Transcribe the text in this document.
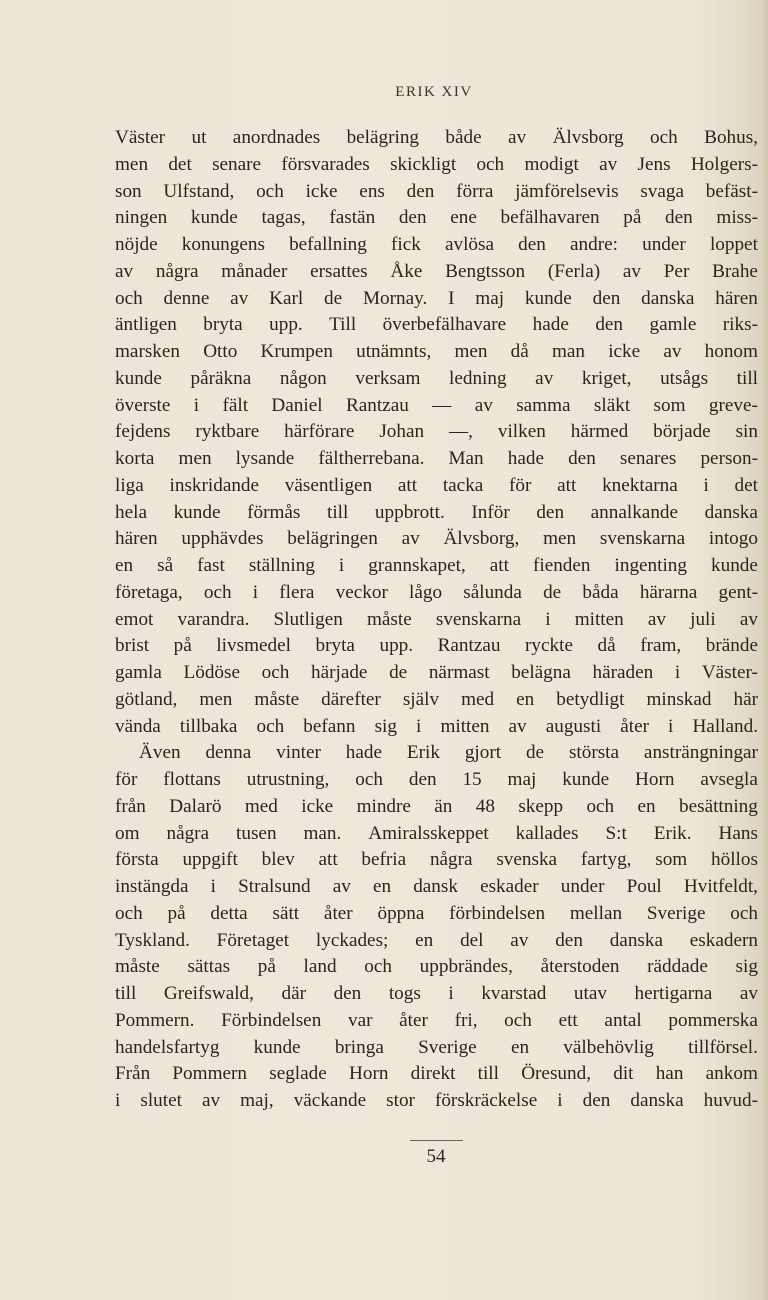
ERIK XIV
Väster ut anordnades belägring både av Älvsborg och Bohus,
men det senare försvarades skickligt och modigt av Jens Holgers-
son Ulfstand, och icke ens den förra jämförelsevis svaga befäst-
ningen kunde tagas, fastän den ene befälhavaren på den miss-
nöjde konungens befallning fick avlösa den andre: under loppet
av några månader ersattes Åke Bengtsson (Ferla) av Per Brahe
och denne av Karl de Mornay. I maj kunde den danska hären
äntligen bryta upp. Till överbefälhavare hade den gamle riks-
marsken Otto Krumpen utnämnts, men då man icke av honom
kunde påräkna någon verksam ledning av kriget, utsågs till
överste i fält Daniel Rantzau — av samma släkt som greve-
fejdens ryktbare härförare Johan —, vilken härmed började sin
korta men lysande fältherrebana. Man hade den senares person-
liga inskridande väsentligen att tacka för att knektarna i det
hela kunde förmås till uppbrott. Inför den annalkande danska
hären upphävdes belägringen av Älvsborg, men svenskarna intogo
en så fast ställning i grannskapet, att fienden ingenting kunde
företaga, och i flera veckor lågo sålunda de båda härarna gent-
emot varandra. Slutligen måste svenskarna i mitten av juli av
brist på livsmedel bryta upp. Rantzau ryckte då fram, brände
gamla Lödöse och härjade de närmast belägna häraden i Väster-
götland, men måste därefter själv med en betydligt minskad här
vända tillbaka och befann sig i mitten av augusti åter i Halland.
Även denna vinter hade Erik gjort de största ansträngningar
för flottans utrustning, och den 15 maj kunde Horn avsegla
från Dalarö med icke mindre än 48 skepp och en besättning
om några tusen man. Amiralsskeppet kallades S:t Erik. Hans
första uppgift blev att befria några svenska fartyg, som höllos
instängda i Stralsund av en dansk eskader under Poul Hvitfeldt,
och på detta sätt åter öppna förbindelsen mellan Sverige och
Tyskland. Företaget lyckades; en del av den danska eskadern
måste sättas på land och uppbrändes, återstoden räddade sig
till Greifswald, där den togs i kvarstad utav hertigarna av
Pommern. Förbindelsen var åter fri, och ett antal pommerska
handelsfartyg kunde bringa Sverige en välbehövlig tillförsel.
Från Pommern seglade Horn direkt till Öresund, dit han ankom
i slutet av maj, väckande stor förskräckelse i den danska huvud-
54
